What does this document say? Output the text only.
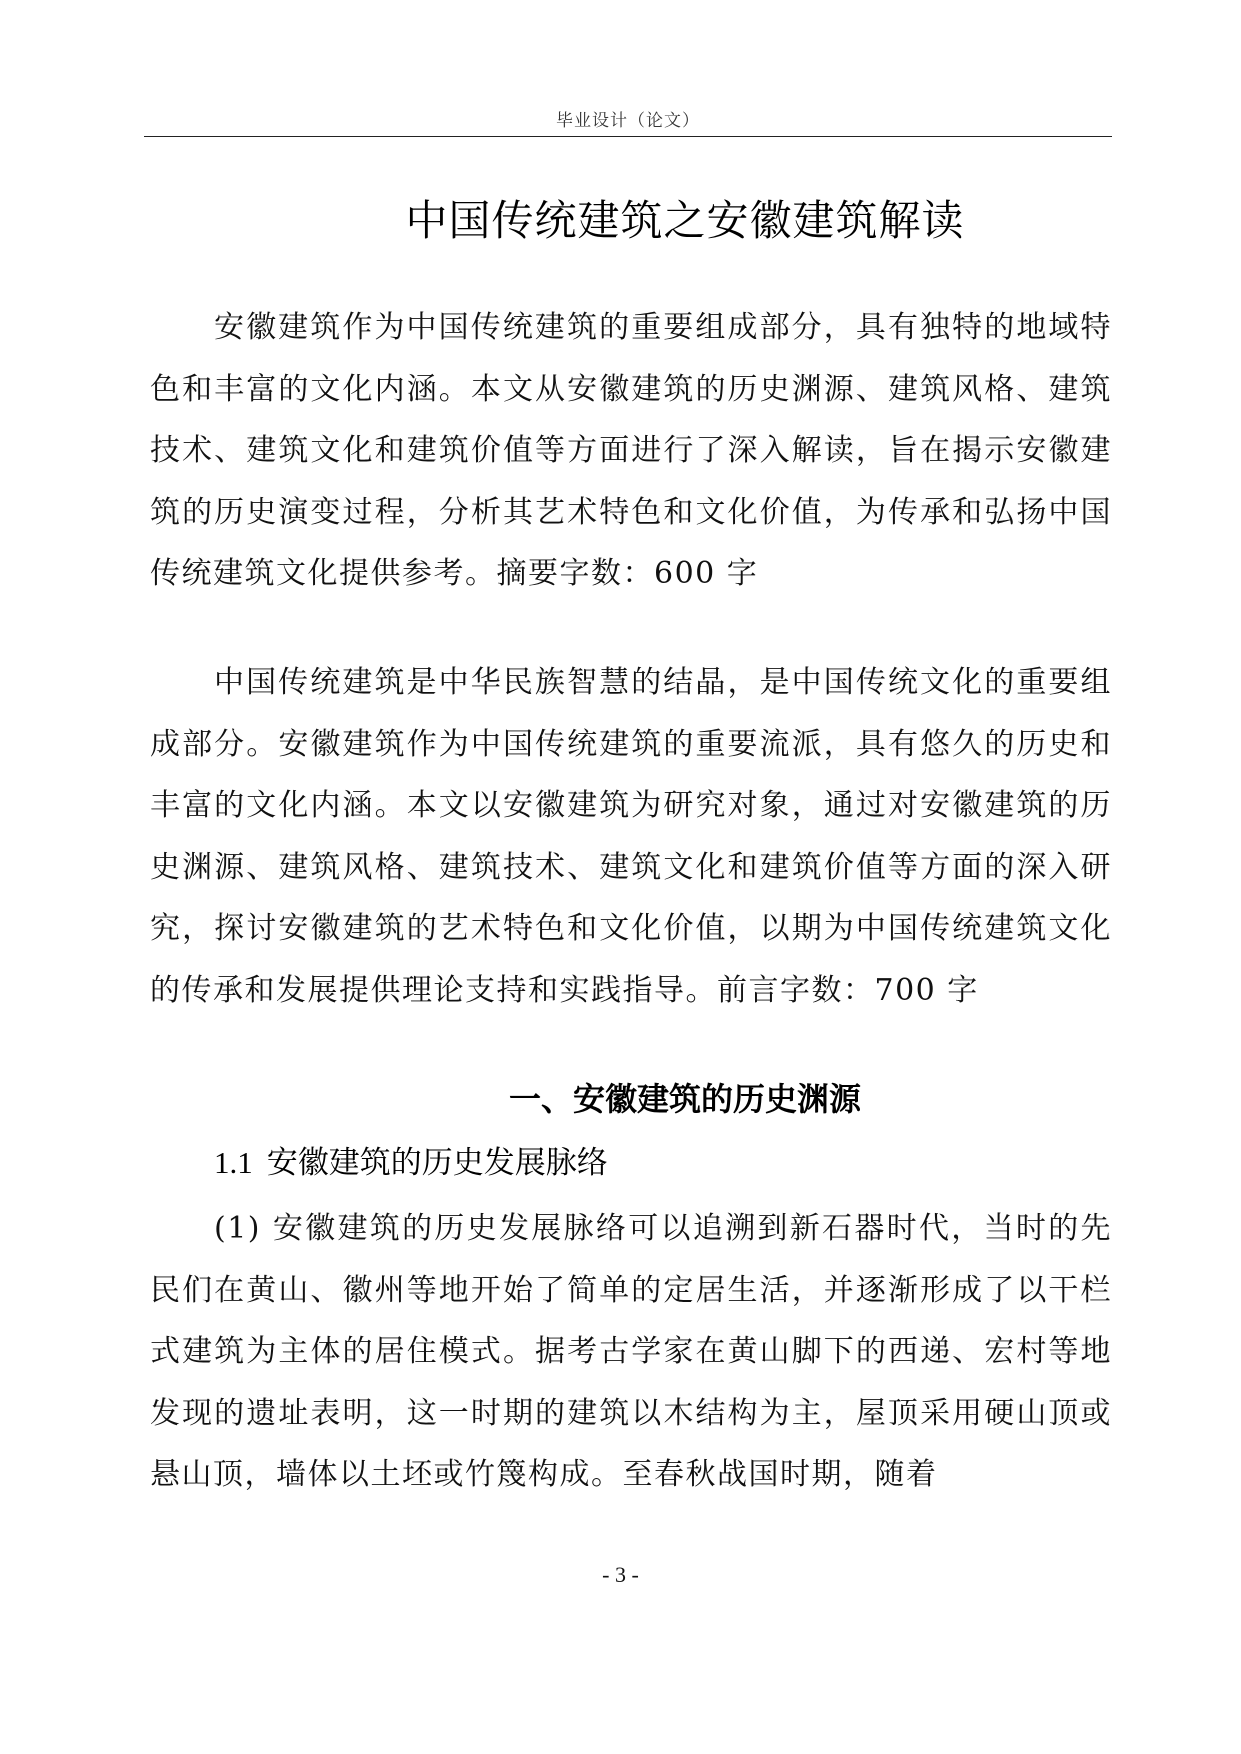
毕业设计（论文）
中国传统建筑之安徽建筑解读

安徽建筑作为中国传统建筑的重要组成部分，具有独特的地域特色和丰富的文化内涵。本文从安徽建筑的历史渊源、建筑风格、建筑技术、建筑文化和建筑价值等方面进行了深入解读，旨在揭示安徽建筑的历史演变过程，分析其艺术特色和文化价值，为传承和弘扬中国传统建筑文化提供参考。摘要字数：600 字

中国传统建筑是中华民族智慧的结晶，是中国传统文化的重要组成部分。安徽建筑作为中国传统建筑的重要流派，具有悠久的历史和丰富的文化内涵。本文以安徽建筑为研究对象，通过对安徽建筑的历史渊源、建筑风格、建筑技术、建筑文化和建筑价值等方面的深入研究，探讨安徽建筑的艺术特色和文化价值，以期为中国传统建筑文化的传承和发展提供理论支持和实践指导。前言字数：700 字

一、安徽建筑的历史渊源
1.1 安徽建筑的历史发展脉络

(1) 安徽建筑的历史发展脉络可以追溯到新石器时代，当时的先民们在黄山、徽州等地开始了简单的定居生活，并逐渐形成了以干栏式建筑为主体的居住模式。据考古学家在黄山脚下的西递、宏村等地发现的遗址表明，这一时期的建筑以木结构为主，屋顶采用硬山顶或悬山顶，墙体以土坯或竹篾构成。至春秋战国时期，随着

- 3 -
